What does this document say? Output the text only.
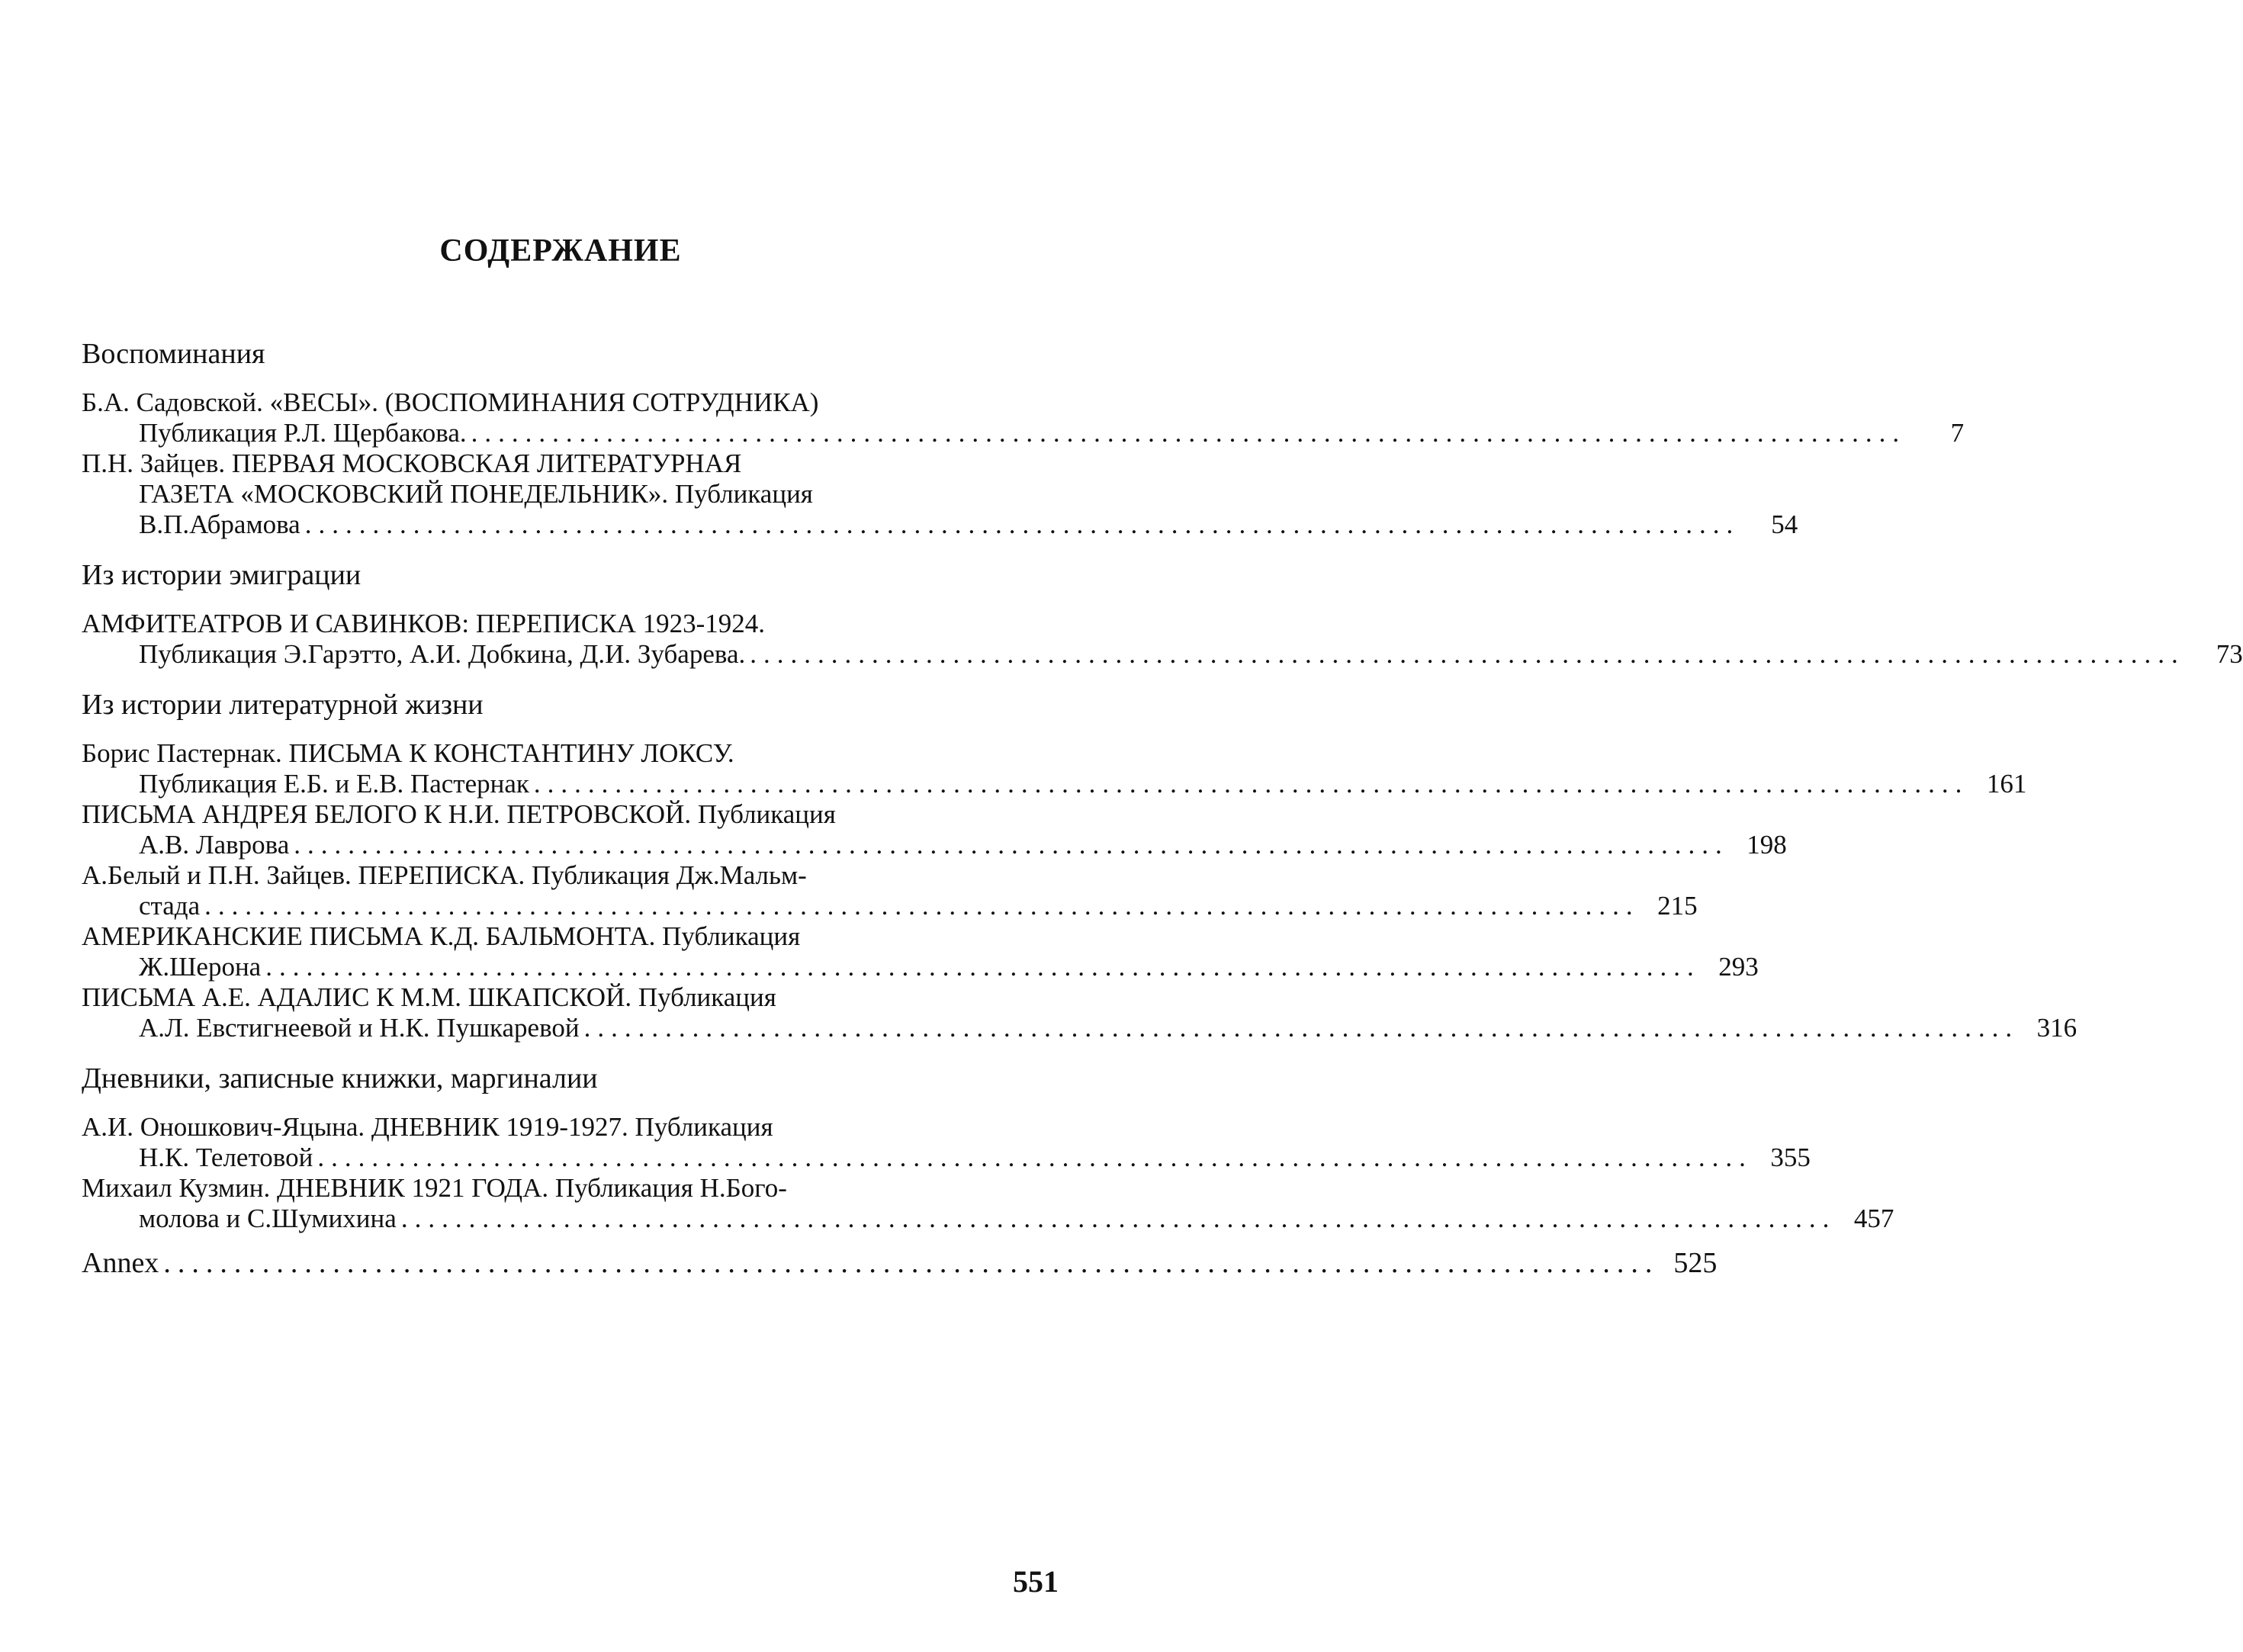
СОДЕРЖАНИЕ
Воспоминания
Б.А. Садовской. «ВЕСЫ». (ВОСПОМИНАНИЯ СОТРУДНИКА)
Публикация Р.Л. Щербакова. ..........................................................................................................	7
П.Н. Зайцев. ПЕРВАЯ МОСКОВСКАЯ ЛИТЕРАТУРНАЯ
ГАЗЕТА «МОСКОВСКИЙ ПОНЕДЕЛЬНИК». Публикация
В.П.Абрамова ..........................................................................................................	54
Из истории эмиграции
АМФИТЕАТРОВ И САВИНКОВ: ПЕРЕПИСКА 1923-1924.
Публикация Э.Гарэтто, А.И. Добкина, Д.И. Зубарева. ..........................................................................................................	73
Из истории литературной жизни
Борис Пастернак. ПИСЬМА К КОНСТАНТИНУ ЛОКСУ.
Публикация Е.Б. и Е.В. Пастернак .......................................................................................................... 161
ПИСЬМА АНДРЕЯ БЕЛОГО К Н.И. ПЕТРОВСКОЙ. Публикация
А.В. Лаврова .......................................................................................................... 198
А.Белый и П.Н. Зайцев. ПЕРЕПИСКА. Публикация Дж.Мальм-
стада .......................................................................................................... 215
АМЕРИКАНСКИЕ ПИСЬМА К.Д. БАЛЬМОНТА. Публикация
Ж.Шерона .......................................................................................................... 293
ПИСЬМА А.Е. АДАЛИС К М.М. ШКАПСКОЙ. Публикация
А.Л. Евстигнеевой и Н.К. Пушкаревой .......................................................................................................... 316
Дневники, записные книжки, маргиналии
А.И. Оношкович-Яцына. ДНЕВНИК 1919-1927. Публикация
Н.К. Телетовой .......................................................................................................... 355
Михаил Кузмин. ДНЕВНИК 1921 ГОДА. Публикация Н.Бого-
молова и С.Шумихина .......................................................................................................... 457
Annex .......................................................................................................... 525
551
